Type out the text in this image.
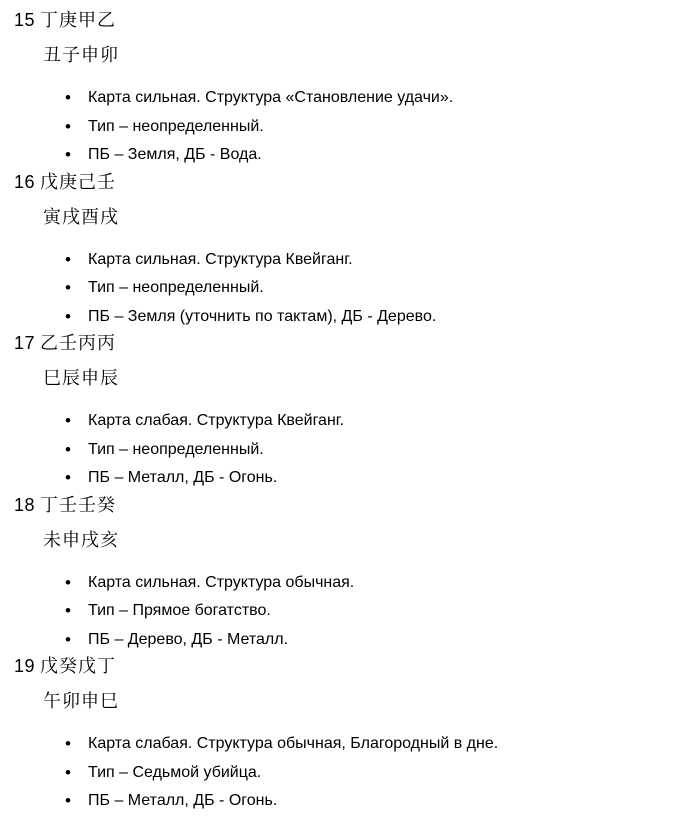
15 丁庚甲乙

丑子申卯

• Карта сильная. Структура «Становление удачи».
• Тип – неопределенный.
• ПБ – Земля, ДБ - Вода.

16 戊庚己壬

寅戌酉戌

• Карта сильная. Структура Квейганг.
• Тип – неопределенный.
• ПБ – Земля (уточнить по тактам), ДБ - Дерево.

17 乙壬丙丙

巳辰申辰

• Карта слабая. Структура Квейганг.
• Тип – неопределенный.
• ПБ – Металл, ДБ - Огонь.

18 丁壬壬癸

未申戌亥

• Карта сильная. Структура обычная.
• Тип – Прямое богатство.
• ПБ – Дерево, ДБ - Металл.

19 戊癸戊丁

午卯申巳

• Карта слабая. Структура обычная, Благородный в дне.
• Тип – Седьмой убийца.
• ПБ – Металл, ДБ - Огонь.
